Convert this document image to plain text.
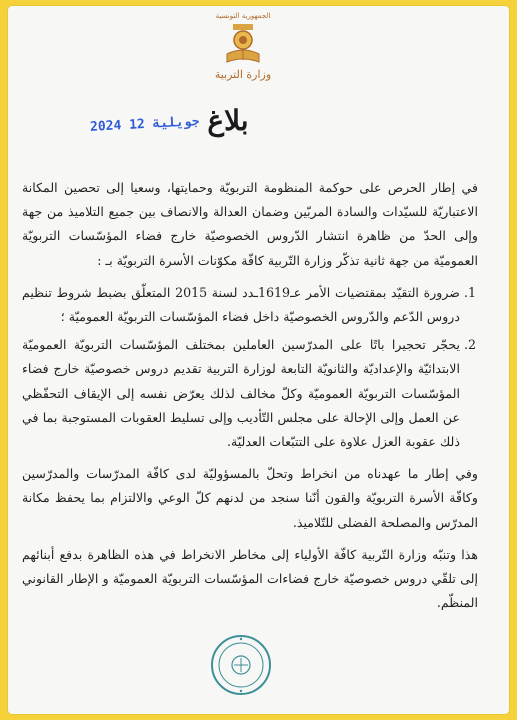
الجمهورية التونسية
وزارة التربية
2024 جويلية 12 بلاغ

في إطار الحرص على حوكمة المنظومة التربويّة وحمايتها، وسعيا إلى تحصين المكانة الاعتباريّة للسيّدات والسادة المربّين وضمان العدالة والانصاف بين جميع التلاميذ من جهة وإلى الحدّ من ظاهرة انتشار الدّروس الخصوصيّة خارج فضاء المؤسّسات التربويّة العموميّة من جهة ثانية تذكّر وزارة التّربية كافّة مكوّنات الأسرة التربويّة بـ :

1. ضرورة التقيّد بمقتضيات الأمر عـ1619ـدد لسنة 2015 المتعلّق بضبط شروط تنظيم دروس الدّعم والدّروس الخصوصيّة داخل فضاء المؤسّسات التربويّة العموميّة ؛
2. يحجّر تحجيرا باتًا على المدرّسين العاملين بمختلف المؤسّسات التربويّة العموميّة الابتدائيّة والإعداديّة والثانويّة التابعة لوزارة التربية تقديم دروس خصوصيّة خارج فضاء المؤسّسات التربويّة العموميّة وكلّ مخالف لذلك يعرّض نفسه إلى الإيقاف التحفّظي عن العمل وإلى الإحالة على مجلس التّأديب وإلى تسليط العقوبات المستوجبة بما في ذلك عقوبة العزل علاوة على التتبّعات العدليّة.

وفي إطار ما عهدناه من انخراط وتحلّ بالمسؤوليّة لدى كافّة المدرّسات والمدرّسين وكافّة الأسرة التربويّة والقون أنّنا سنجد من لدنهم كلّ الوعي والالتزام بما يحفظ مكانة المدرّس والمصلحة الفضلى للتّلاميذ.

هذا وتنبّه وزارة التّربية كافّة الأولياء إلى مخاطر الانخراط في هذه الظاهرة بدفع أبنائهم إلى تلقّي دروس خصوصيّة خارج فضاءات المؤسّسات التربويّة العموميّة و الإطار القانوني المنظّم.
